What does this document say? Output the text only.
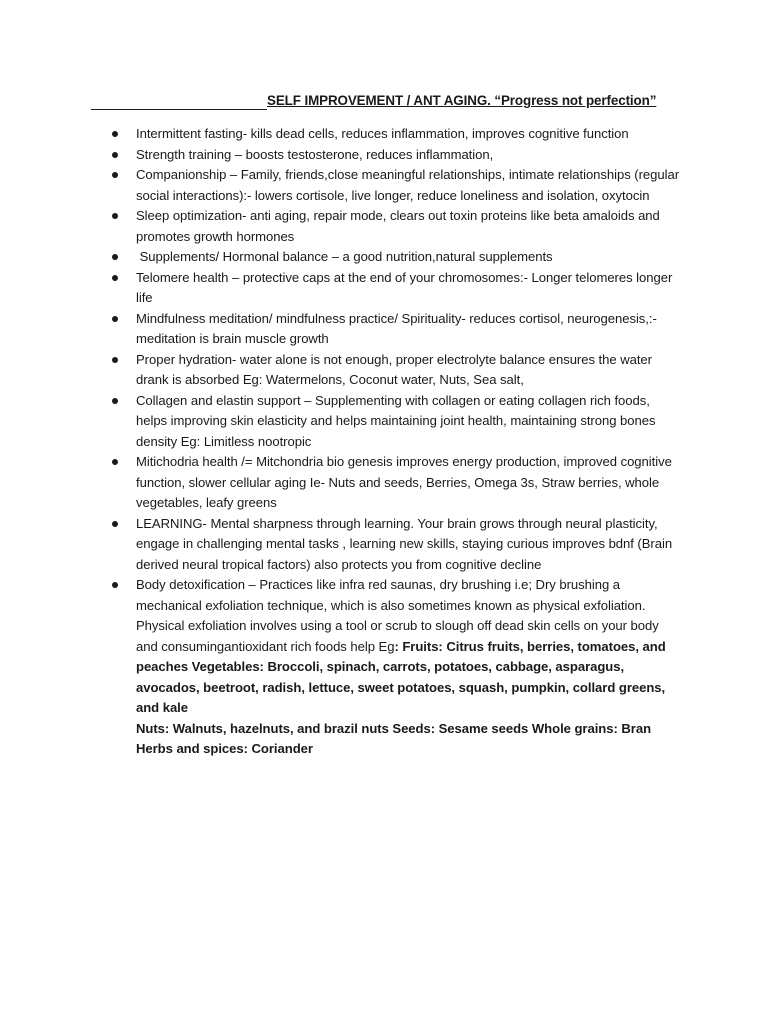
SELF IMPROVEMENT / ANT AGING. “Progress not perfection”
Intermittent fasting- kills dead cells, reduces inflammation, improves cognitive function
Strength training – boosts testosterone, reduces inflammation,
Companionship – Family, friends,close meaningful relationships, intimate relationships (regular social interactions):- lowers cortisole, live longer, reduce loneliness and isolation, oxytocin
Sleep optimization- anti aging, repair mode, clears out toxin proteins like beta amaloids and promotes growth hormones
Supplements/ Hormonal balance – a good nutrition,natural supplements
Telomere health – protective caps at the end of your chromosomes:- Longer telomeres longer life
Mindfulness meditation/ mindfulness practice/ Spirituality- reduces cortisol, neurogenesis,:- meditation is brain muscle growth
Proper hydration- water alone is not enough, proper electrolyte balance ensures the water drank is absorbed Eg: Watermelons, Coconut water, Nuts, Sea salt,
Collagen and elastin support – Supplementing with collagen or eating collagen rich foods, helps improving skin elasticity and helps maintaining joint health, maintaining strong bones density Eg: Limitless nootropic
Mitichodria health /= Mitchondria bio genesis improves energy production, improved cognitive function, slower cellular aging Ie- Nuts and seeds, Berries, Omega 3s, Straw berries, whole vegetables, leafy greens
LEARNING- Mental sharpness through learning. Your brain grows through neural plasticity, engage in challenging mental tasks , learning new skills, staying curious improves bdnf (Brain derived neural tropical factors) also protects you from cognitive decline
Body detoxification – Practices like infra red saunas, dry brushing i.e; Dry brushing a mechanical exfoliation technique, which is also sometimes known as physical exfoliation. Physical exfoliation involves using a tool or scrub to slough off dead skin cells on your body and consumingantioxidant rich foods help Eg: Fruits: Citrus fruits, berries, tomatoes, and peaches Vegetables: Broccoli, spinach, carrots, potatoes, cabbage, asparagus, avocados, beetroot, radish, lettuce, sweet potatoes, squash, pumpkin, collard greens, and kale
Nuts: Walnuts, hazelnuts, and brazil nuts Seeds: Sesame seeds Whole grains: Bran Herbs and spices: Coriander
